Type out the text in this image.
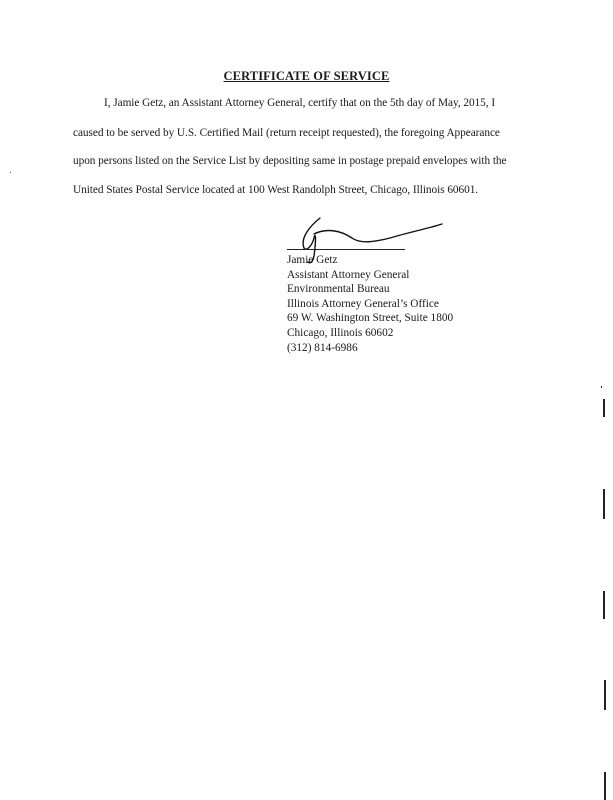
CERTIFICATE OF SERVICE
I, Jamie Getz, an Assistant Attorney General, certify that on the 5th day of May, 2015, I
caused to be served by U.S. Certified Mail (return receipt requested), the foregoing Appearance
upon persons listed on the Service List by depositing same in postage prepaid envelopes with the
United States Postal Service located at 100 West Randolph Street, Chicago, Illinois 60601.
Jamie Getz
Assistant Attorney General
Environmental Bureau
Illinois Attorney General’s Office
69 W. Washington Street, Suite 1800
Chicago, Illinois 60602
(312) 814-6986
